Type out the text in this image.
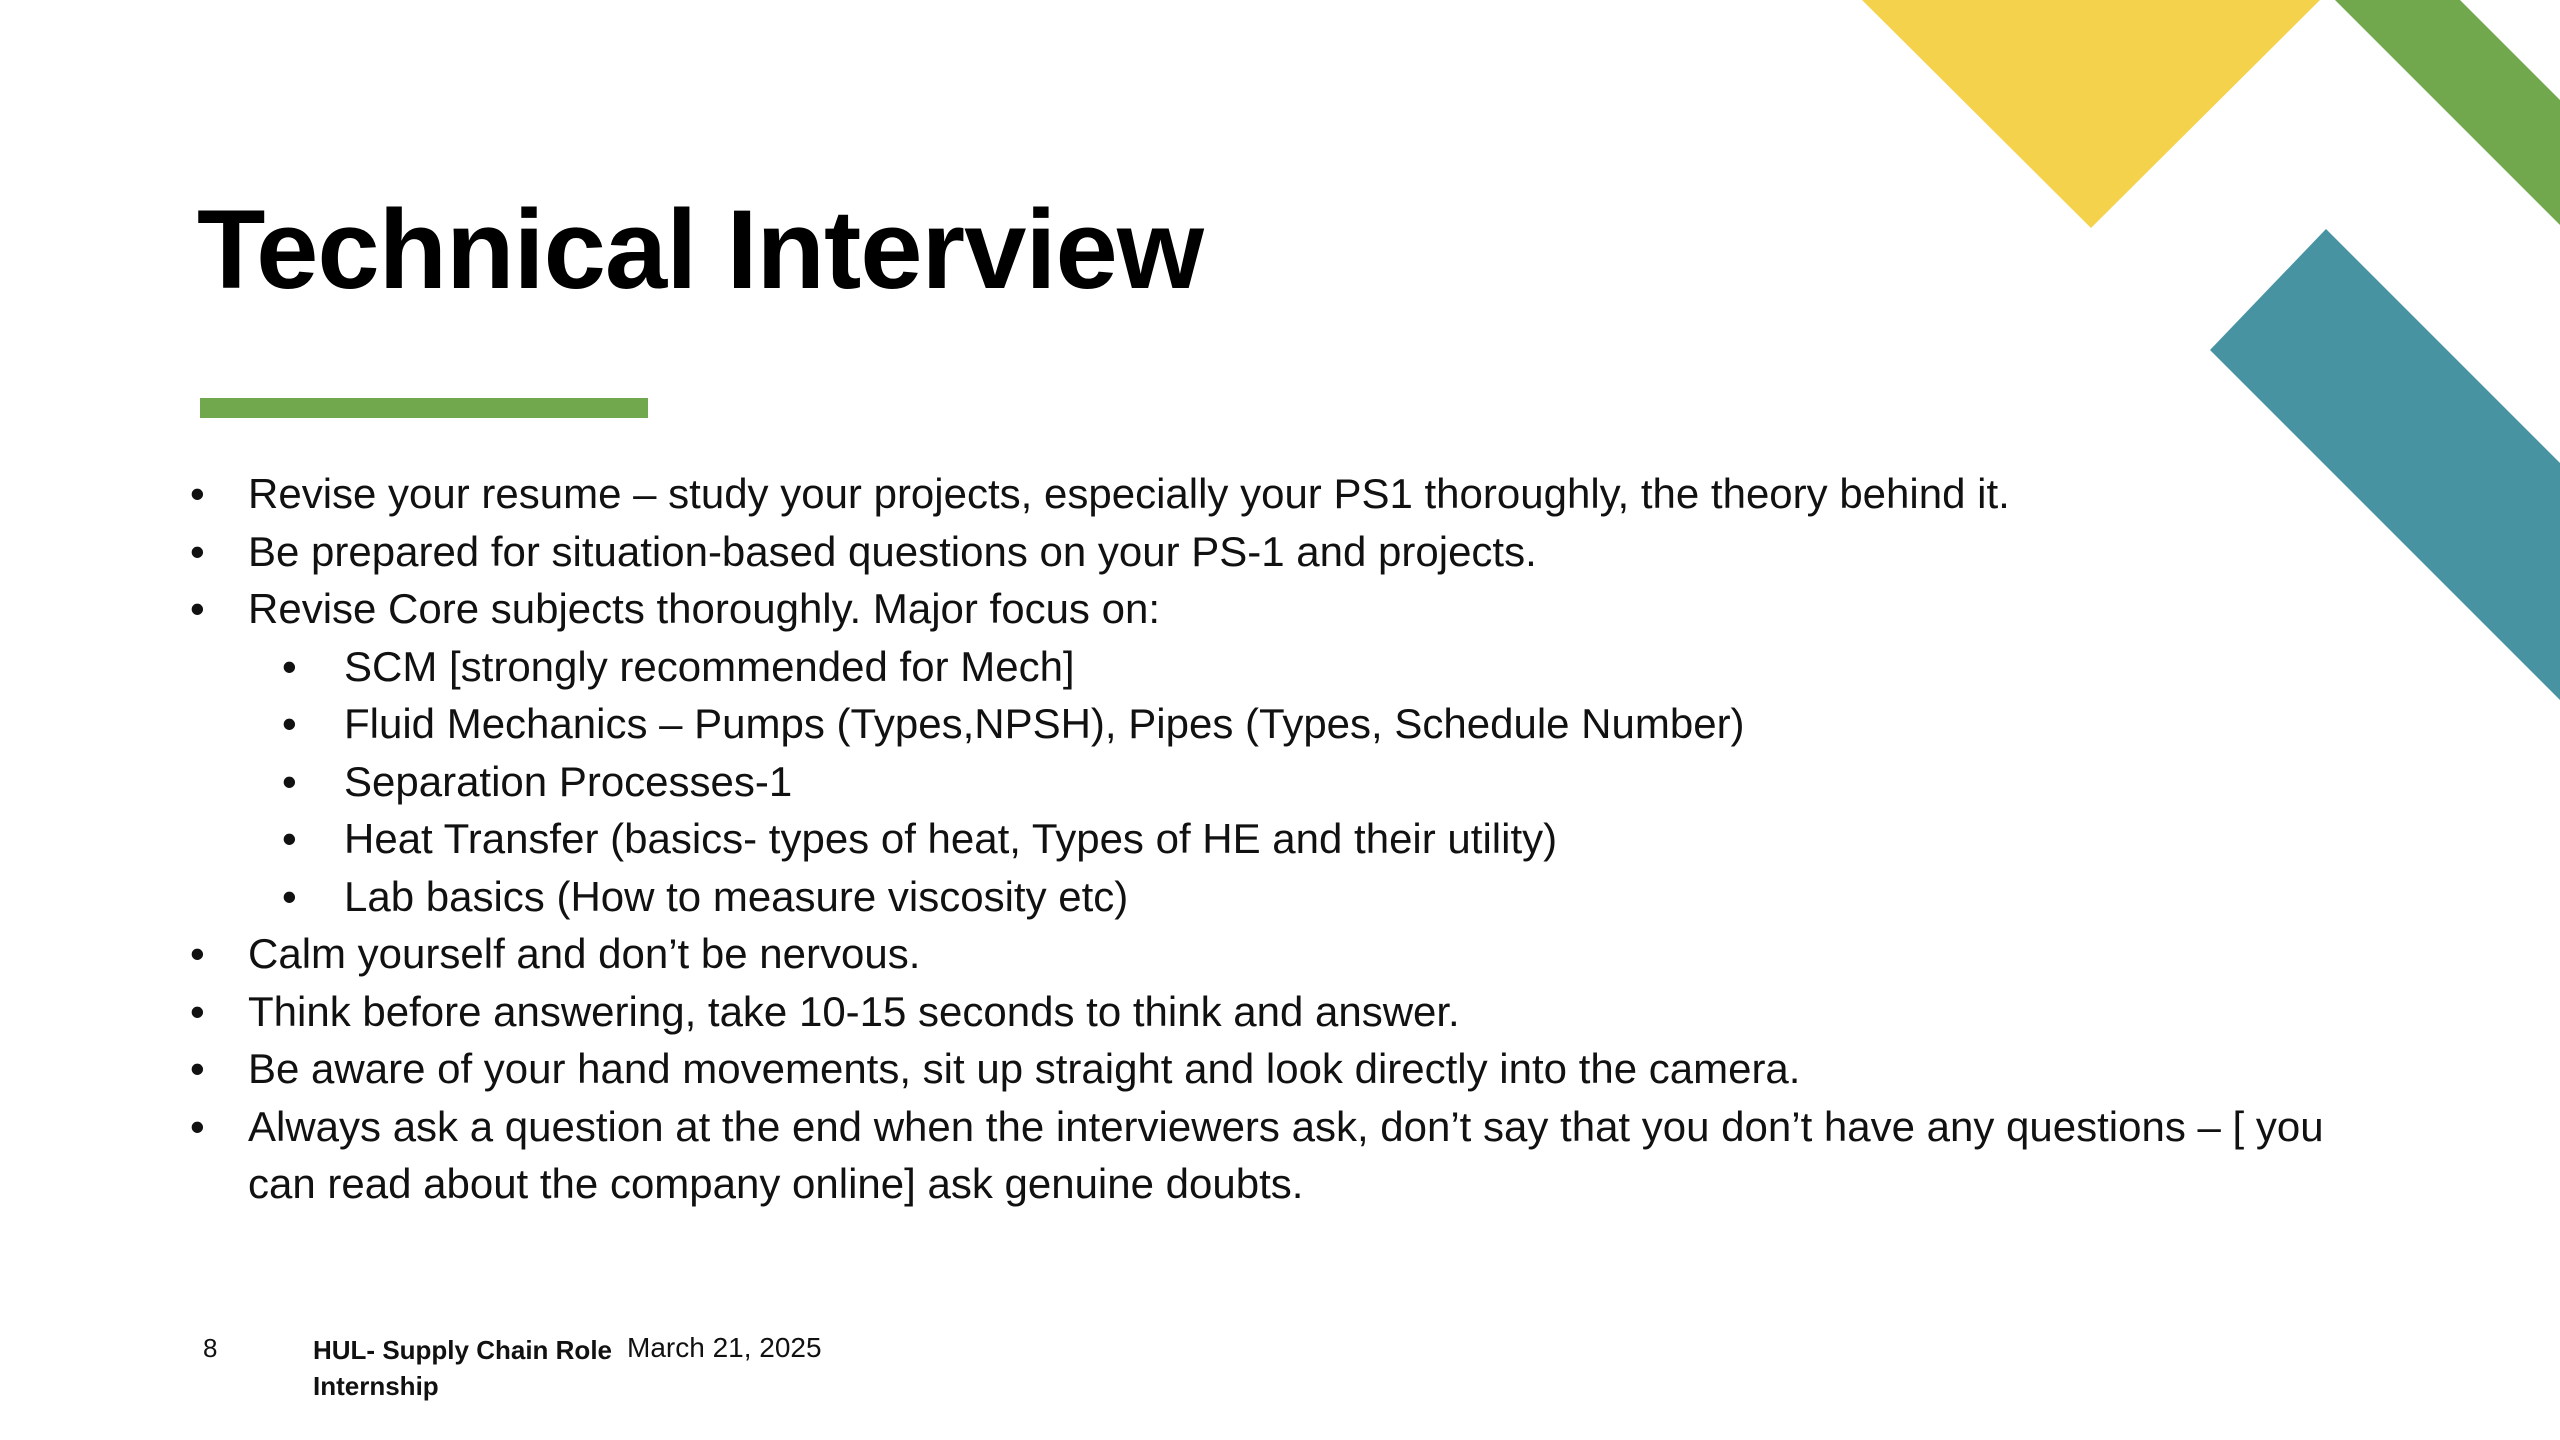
Technical Interview
• Revise your resume – study your projects, especially your PS1 thoroughly, the theory behind it.
• Be prepared for situation-based questions on your PS-1 and projects.
• Revise Core subjects thoroughly. Major focus on:
• SCM [strongly recommended for Mech]
• Fluid Mechanics – Pumps (Types,NPSH), Pipes (Types, Schedule Number)
• Separation Processes-1
• Heat Transfer (basics- types of heat, Types of HE and their utility)
• Lab basics (How to measure viscosity etc)
• Calm yourself and don’t be nervous.
• Think before answering, take 10-15 seconds to think and answer.
• Be aware of your hand movements, sit up straight and look directly into the camera.
• Always ask a question at the end when the interviewers ask, don’t say that you don’t have any questions – [ you can read about the company online] ask genuine doubts.
8	HUL- Supply Chain Role Internship
March 21, 2025
